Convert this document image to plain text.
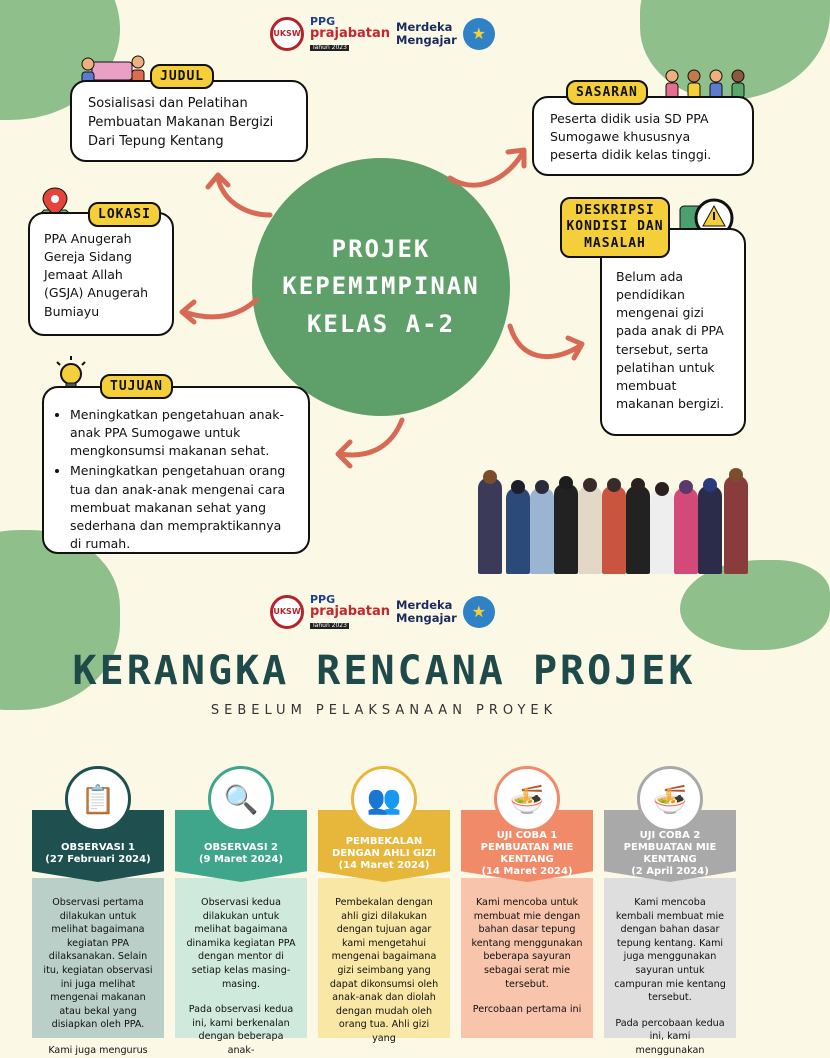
UKSW
PPG
prajabatan
Tahun 2023
Merdeka
Mengajar ★
PROJEK
KEPEMIMPINAN
KELAS A-2
Sosialisasi dan Pelatihan Pembuatan Makanan Bergizi Dari Tepung Kentang
JUDUL
Peserta didik usia SD PPA Sumogawe khususnya peserta didik kelas tinggi.
SASARAN
PPA Anugerah Gereja Sidang Jemaat Allah (GSJA) Anugerah Bumiayu
LOKASI
Belum ada pendidikan mengenai gizi pada anak di PPA tersebut, serta pelatihan untuk membuat makanan bergizi.
DESKRIPSI KONDISI DAN MASALAH
• Meningkatkan pengetahuan anak-anak PPA Sumogawe untuk mengkonsumsi makanan sehat.
• Meningkatkan pengetahuan orang tua dan anak-anak mengenai cara membuat makanan sehat yang sederhana dan mempraktikannya di rumah.
TUJUAN
UKSW
PPG
prajabatan
Tahun 2023
Merdeka
Mengajar ★
KERANGKA RENCANA PROJEK
SEBELUM PELAKSANAAN PROYEK
Observasi pertama dilakukan untuk melihat bagaimana kegiatan PPA dilaksanakan. Selain itu, kegiatan observasi ini juga melihat mengenai makanan atau bekal yang disiapkan oleh PPA.
Kami juga mengurus
📋
OBSERVASI 1
(27 Februari 2024)
Observasi kedua dilakukan untuk melihat bagaimana dinamika kegiatan PPA dengan mentor di setiap kelas masing-masing.
Pada observasi kedua ini, kami berkenalan dengan beberapa anak-
🔍
OBSERVASI 2
(9 Maret 2024)
Pembekalan dengan ahli gizi dilakukan dengan tujuan agar kami mengetahui mengenai bagaimana gizi seimbang yang dapat dikonsumsi oleh anak-anak dan diolah dengan mudah oleh orang tua. Ahli gizi yang
👥
PEMBEKALAN DENGAN AHLI GIZI
(14 Maret 2024)
Kami mencoba untuk membuat mie dengan bahan dasar tepung kentang menggunakan beberapa sayuran sebagai serat mie tersebut.
Percobaan pertama ini
🍜
UJI COBA 1 PEMBUATAN MIE KENTANG
(14 Maret 2024)
Kami mencoba kembali membuat mie dengan bahan dasar tepung kentang. Kami juga menggunakan sayuran untuk campuran mie kentang tersebut.
Pada percobaan kedua ini, kami menggunakan
🍜
UJI COBA 2 PEMBUATAN MIE KENTANG
(2 April 2024)
